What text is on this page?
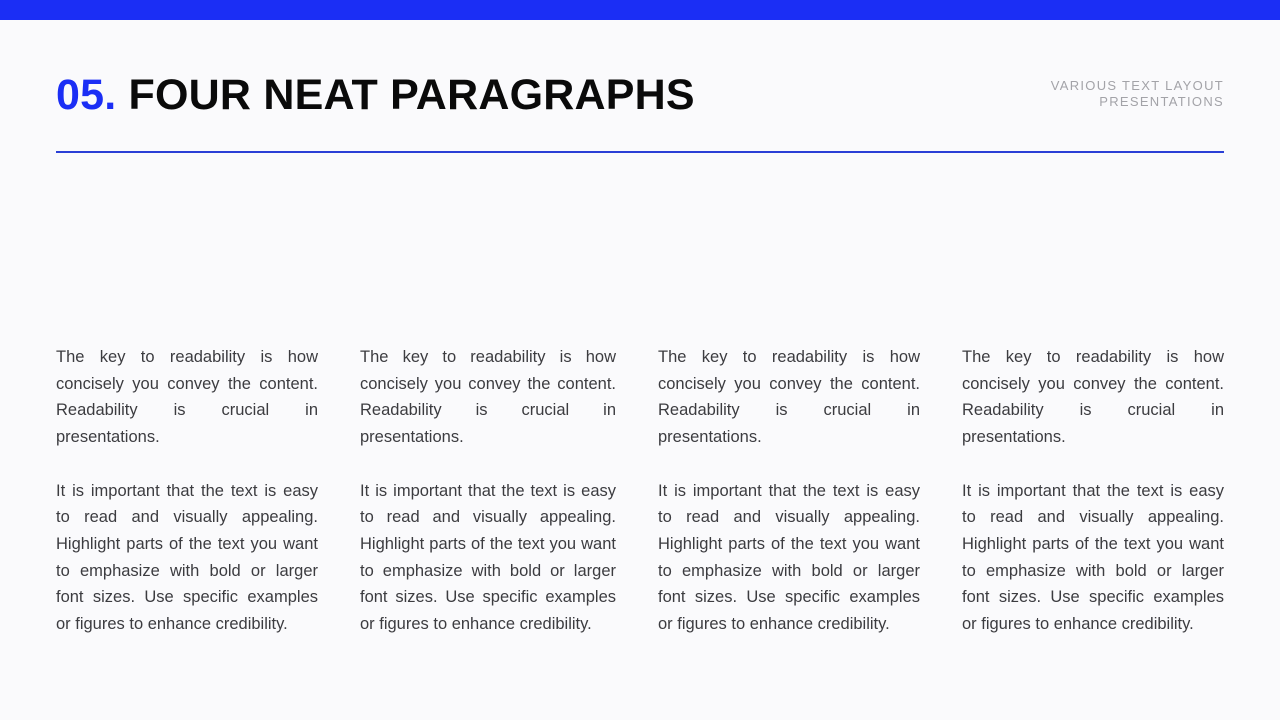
05. FOUR NEAT PARAGRAPHS	VARIOUS TEXT LAYOUT
PRESENTATIONS

The key to readability is how concisely you convey the content. Readability is crucial in presentations.

It is important that the text is easy to read and visually appealing. Highlight parts of the text you want to emphasize with bold or larger font sizes. Use specific examples or figures to enhance credibility.

The key to readability is how concisely you convey the content. Readability is crucial in presentations.

It is important that the text is easy to read and visually appealing. Highlight parts of the text you want to emphasize with bold or larger font sizes. Use specific examples or figures to enhance credibility.

The key to readability is how concisely you convey the content. Readability is crucial in presentations.

It is important that the text is easy to read and visually appealing. Highlight parts of the text you want to emphasize with bold or larger font sizes. Use specific examples or figures to enhance credibility.

The key to readability is how concisely you convey the content. Readability is crucial in presentations.

It is important that the text is easy to read and visually appealing. Highlight parts of the text you want to emphasize with bold or larger font sizes. Use specific examples or figures to enhance credibility.
